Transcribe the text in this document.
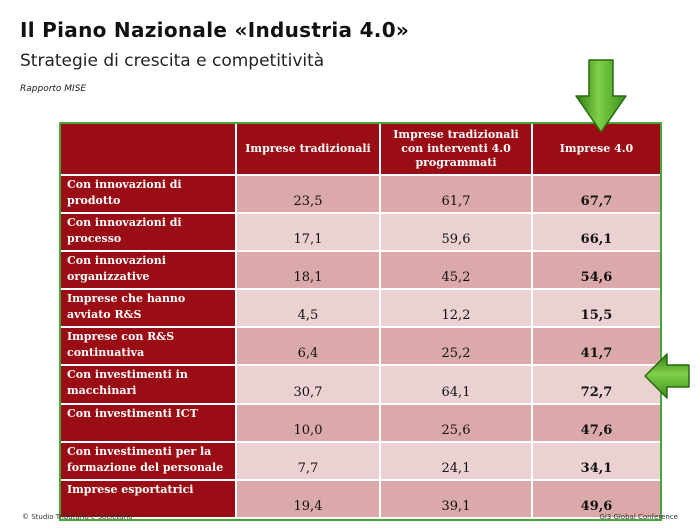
Il Piano Nazionale «Industria 4.0»
Strategie di crescita e competitività
Rapporto MISE
	Imprese tradizionali	Imprese tradizionali con interventi 4.0 programmati	Imprese 4.0
Con innovazioni di prodotto	23,5	61,7	67,7
Con innovazioni di processo	17,1	59,6	66,1
Con innovazioni organizzative	18,1	45,2	54,6
Imprese che hanno avviato R&S	4,5	12,2	15,5
Imprese con R&S continuativa	6,4	25,2	41,7
Con investimenti in macchinari	30,7	64,1	72,7
Con investimenti ICT	10,0	25,6	47,6
Con investimenti per la formazione del personale	7,7	24,1	34,1
Imprese esportatrici	19,4	39,1	49,6
© Studio Tributario e Societario	Gi3 Global Conference
